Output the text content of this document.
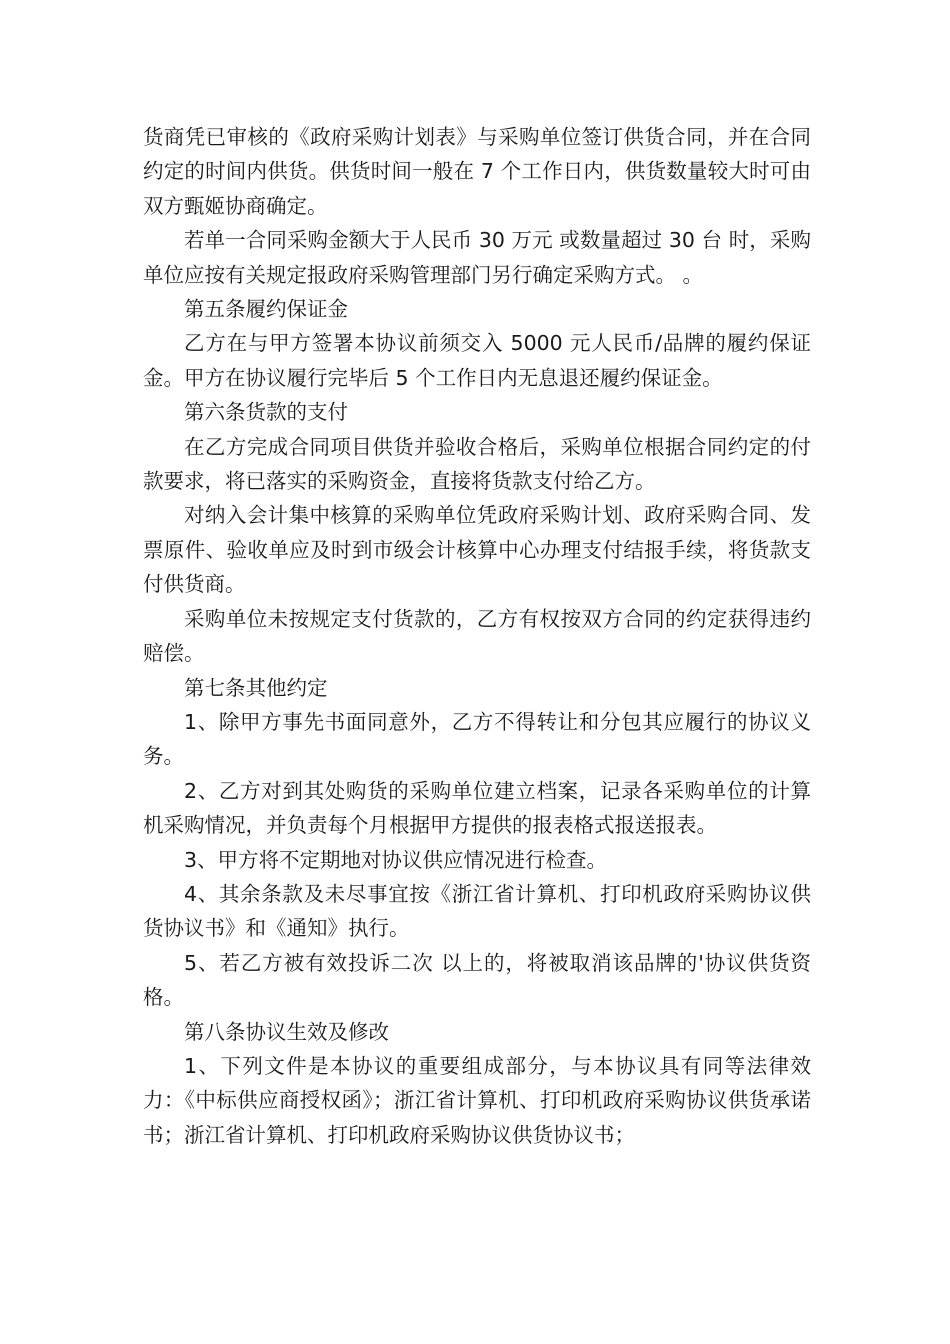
货商凭已审核的《政府采购计划表》与采购单位签订供货合同，并在合同约定的时间内供货。供货时间一般在 7 个工作日内，供货数量较大时可由双方甄姬协商确定。

若单一合同采购金额大于人民币 30 万元 或数量超过 30 台 时，采购单位应按有关规定报政府采购管理部门另行确定采购方式。 。

第五条履约保证金

乙方在与甲方签署本协议前须交入 5000 元人民币/品牌的履约保证金。甲方在协议履行完毕后 5 个工作日内无息退还履约保证金。

第六条货款的支付

在乙方完成合同项目供货并验收合格后，采购单位根据合同约定的付款要求，将已落实的采购资金，直接将货款支付给乙方。

对纳入会计集中核算的采购单位凭政府采购计划、政府采购合同、发票原件、验收单应及时到市级会计核算中心办理支付结报手续，将货款支付供货商。

采购单位未按规定支付货款的，乙方有权按双方合同的约定获得违约赔偿。

第七条其他约定

1、除甲方事先书面同意外，乙方不得转让和分包其应履行的协议义务。

2、乙方对到其处购货的采购单位建立档案，记录各采购单位的计算机采购情况，并负责每个月根据甲方提供的报表格式报送报表。

3、甲方将不定期地对协议供应情况进行检查。

4、其余条款及未尽事宜按《浙江省计算机、打印机政府采购协议供货协议书》和《通知》执行。

5、若乙方被有效投诉二次 以上的，将被取消该品牌的'协议供货资格。

第八条协议生效及修改

1、下列文件是本协议的重要组成部分，与本协议具有同等法律效力：《中标供应商授权函》；浙江省计算机、打印机政府采购协议供货承诺书；浙江省计算机、打印机政府采购协议供货协议书；
